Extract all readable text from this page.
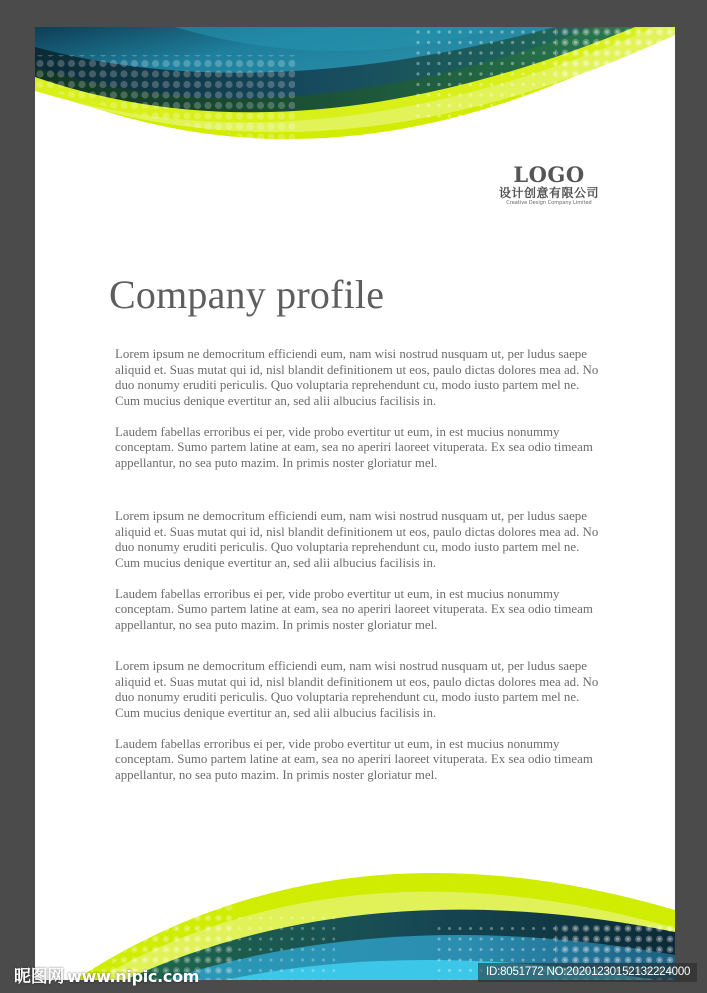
LOGO
设计创意有限公司
Creative Design Company Limited
Company profile

Lorem ipsum ne democritum efficiendi eum, nam wisi nostrud nusquam ut, per ludus saepe aliquid et. Suas mutat qui id, nisl blandit definitionem ut eos, paulo dictas dolores mea ad. No duo nonumy eruditi periculis. Quo voluptaria reprehendunt cu, modo iusto partem mel ne. Cum mucius denique evertitur an, sed alii albucius facilisis in.

Laudem fabellas erroribus ei per, vide probo evertitur ut eum, in est mucius nonummy conceptam. Sumo partem latine at eam, sea no aperiri laoreet vituperata. Ex sea odio timeam appellantur, no sea puto mazim. In primis noster gloriatur mel.

Lorem ipsum ne democritum efficiendi eum, nam wisi nostrud nusquam ut, per ludus saepe aliquid et. Suas mutat qui id, nisl blandit definitionem ut eos, paulo dictas dolores mea ad. No duo nonumy eruditi periculis. Quo voluptaria reprehendunt cu, modo iusto partem mel ne. Cum mucius denique evertitur an, sed alii albucius facilisis in.

Laudem fabellas erroribus ei per, vide probo evertitur ut eum, in est mucius nonummy conceptam. Sumo partem latine at eam, sea no aperiri laoreet vituperata. Ex sea odio timeam appellantur, no sea puto mazim. In primis noster gloriatur mel.

Lorem ipsum ne democritum efficiendi eum, nam wisi nostrud nusquam ut, per ludus saepe aliquid et. Suas mutat qui id, nisl blandit definitionem ut eos, paulo dictas dolores mea ad. No duo nonumy eruditi periculis. Quo voluptaria reprehendunt cu, modo iusto partem mel ne. Cum mucius denique evertitur an, sed alii albucius facilisis in.

Laudem fabellas erroribus ei per, vide probo evertitur ut eum, in est mucius nonummy conceptam. Sumo partem latine at eam, sea no aperiri laoreet vituperata. Ex sea odio timeam appellantur, no sea puto mazim. In primis noster gloriatur mel.

昵图网 www.nipic.com	ID:8051772 NO:20201230152132224000
